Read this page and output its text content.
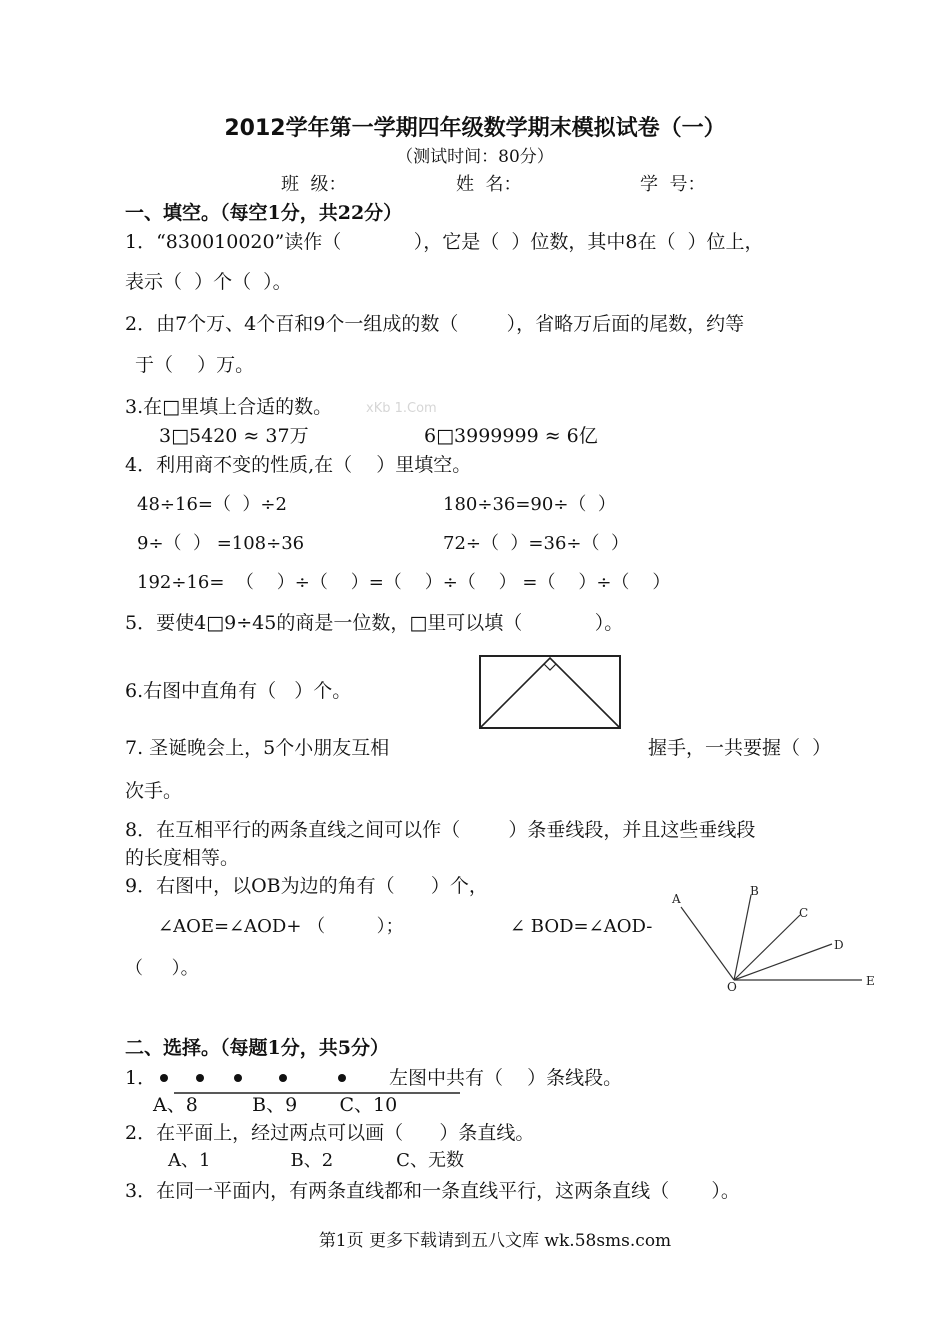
2012学年第一学期四年级数学期末模拟试卷（一）
（测试时间：80分）
班  级：	姓  名：	学  号：
一、填空。（每空1分，共22分）
1．“830010020”读作（            ），它是（  ）位数，其中8在（  ）位上，
表示（  ）个（  ）。
2．由7个万、4个百和9个一组成的数（        ），省略万后面的尾数，约等
于（    ）万。
3.在□里填上合适的数。	xKb 1.Com
3□5420 ≈ 37万	6□3999999 ≈ 6亿
4．利用商不变的性质,在（    ）里填空。
48÷16=（  ）÷2	180÷36=90÷（  ）
9÷（  ） =108÷36	72÷（  ）=36÷（  ）
192÷16=  （    ）÷（    ）=（    ）÷（    ） =（    ）÷（    ）
5．要使4□9÷45的商是一位数，□里可以填（            ）。
6.右图中直角有（   ）个。
7. 圣诞晚会上，5个小朋友互相	握手，一共要握（  ）
次手。
8．在互相平行的两条直线之间可以作（        ）条垂线段，并且这些垂线段
的长度相等。
9．右图中，以OB为边的角有（      ）个，
∠AOE=∠AOD+ （         ）；	∠ BOD=∠AOD-
（     ）。
A
B
C
D
E
O
二、选择。（每题1分，共5分）
1．	左图中共有（    ）条线段。
A、8         B、9       C、10
2．在平面上，经过两点可以画（      ）条直线。
A、1              B、2           C、无数
3．在同一平面内，有两条直线都和一条直线平行，这两条直线（       ）。
第1页 更多下载请到五八文库 wk.58sms.com
